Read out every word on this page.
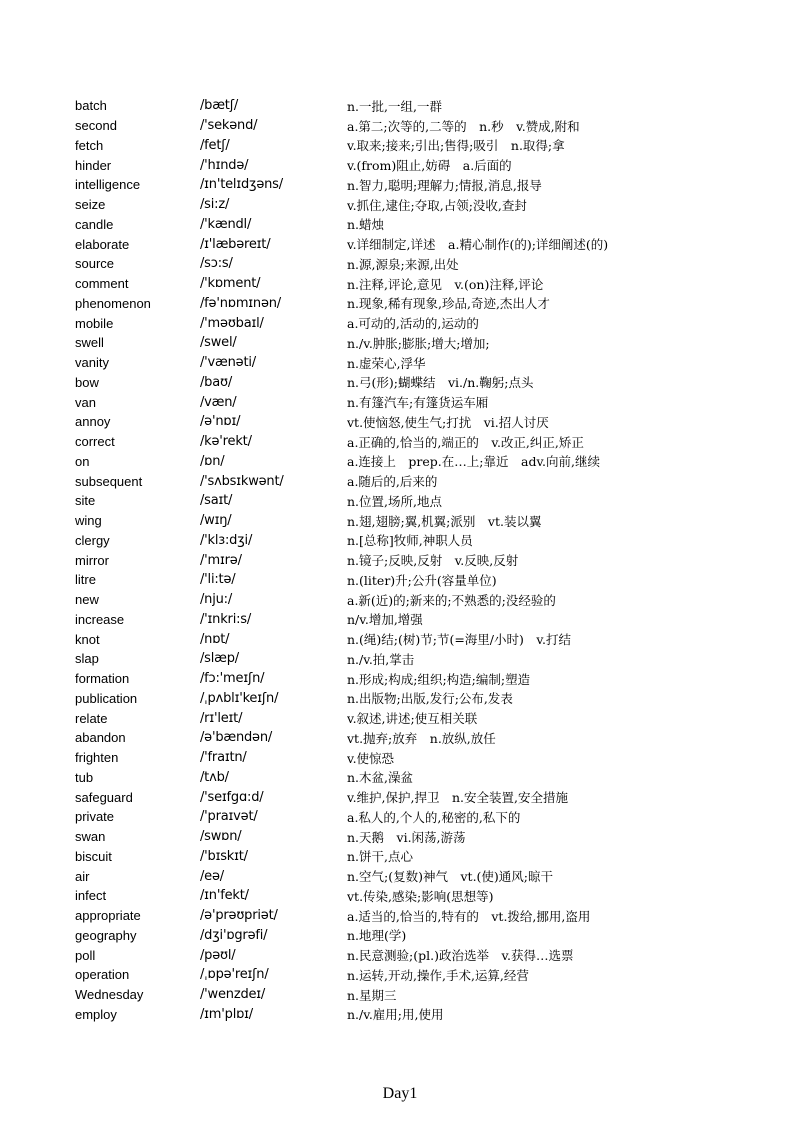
batch	/bætʃ/	n.一批,一组,一群
second	/'sekənd/	a.第二;次等的,二等的　n.秒　v.赞成,附和
fetch	/fetʃ/	v.取来;接来;引出;售得;吸引　n.取得;拿
hinder	/'hɪndə/	v.(from)阻止,妨碍　a.后面的
intelligence	/ɪn'telɪdʒəns/	n.智力,聪明;理解力;情报,消息,报导
seize	/si:z/	v.抓住,逮住;夺取,占领;没收,查封
candle	/'kændl/	n.蜡烛
elaborate	/ɪ'læbəreɪt/	v.详细制定,详述　a.精心制作(的);详细阐述(的)
source	/sɔ:s/	n.源,源泉;来源,出处
comment	/'kɒment/	n.注释,评论,意见　v.(on)注释,评论
phenomenon	/fə'nɒmɪnən/	n.现象,稀有现象,珍品,奇迹,杰出人才
mobile	/'məʊbaɪl/	a.可动的,活动的,运动的
swell	/swel/	n./v.肿胀;膨胀;增大;增加;
vanity	/'vænəti/	n.虚荣心,浮华
bow	/baʊ/	n.弓(形);蝴蝶结　vi./n.鞠躬;点头
van	/væn/	n.有篷汽车;有篷货运车厢
annoy	/ə'nɒɪ/	vt.使恼怒,使生气;打扰　vi.招人讨厌
correct	/kə'rekt/	a.正确的,恰当的,端正的　v.改正,纠正,矫正
on	/ɒn/	a.连接上　prep.在…上;靠近　adv.向前,继续
subsequent	/'sʌbsɪkwənt/	a.随后的,后来的
site	/saɪt/	n.位置,场所,地点
wing	/wɪŋ/	n.翅,翅膀;翼,机翼;派别　vt.装以翼
clergy	/'klɜ:dʒi/	n.[总称]牧师,神职人员
mirror	/'mɪrə/	n.镜子;反映,反射　v.反映,反射
litre	/'li:tə/	n.(liter)升;公升(容量单位)
new	/nju:/	a.新(近)的;新来的;不熟悉的;没经验的
increase	/'ɪnkri:s/	n/v.增加,增强
knot	/nɒt/	n.(绳)结;(树)节;节(=海里/小时)　v.打结
slap	/slæp/	n./v.拍,掌击
formation	/fɔ:'meɪʃn/	n.形成;构成;组织;构造;编制;塑造
publication	/ˌpʌblɪ'keɪʃn/	n.出版物;出版,发行;公布,发表
relate	/rɪ'leɪt/	v.叙述,讲述;使互相关联
abandon	/ə'bændən/	vt.抛弃;放弃　n.放纵,放任
frighten	/'fraɪtn/	v.使惊恐
tub	/tʌb/	n.木盆,澡盆
safeguard	/'seɪfgɑ:d/	v.维护,保护,捍卫　n.安全装置,安全措施
private	/'praɪvət/	a.私人的,个人的,秘密的,私下的
swan	/swɒn/	n.天鹅　vi.闲荡,游荡
biscuit	/'bɪskɪt/	n.饼干,点心
air	/eə/	n.空气;(复数)神气　vt.(使)通风;晾干
infect	/ɪn'fekt/	vt.传染,感染;影响(思想等)
appropriate	/ə'prəʊpriət/	a.适当的,恰当的,特有的　vt.拨给,挪用,盗用
geography	/dʒi'ɒgrəfi/	n.地理(学)
poll	/pəʊl/	n.民意测验;(pl.)政治选举　v.获得…选票
operation	/ˌɒpə'reɪʃn/	n.运转,开动,操作,手术,运算,经营
Wednesday	/'wenzdeɪ/	n.星期三
employ	/ɪm'plɒɪ/	n./v.雇用;用,使用
Day1
